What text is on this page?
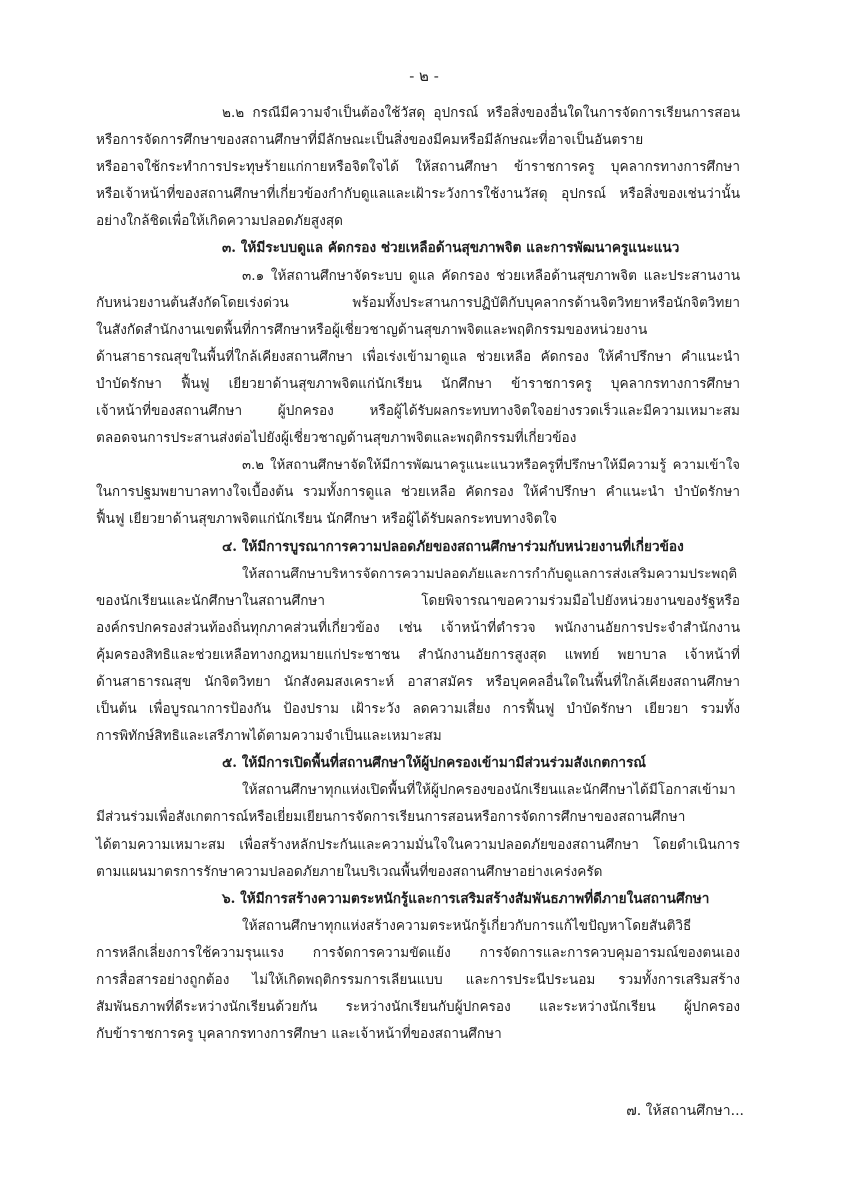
- ๒ -
๒.๒ กรณีมีความจำเป็นต้องใช้วัสดุ อุปกรณ์ หรือสิ่งของอื่นใดในการจัดการเรียนการสอน
หรือการจัดการศึกษาของสถานศึกษาที่มีลักษณะเป็นสิ่งของมีคมหรือมีลักษณะที่อาจเป็นอันตราย
หรืออาจใช้กระทำการประทุษร้ายแก่กายหรือจิตใจได้ ให้สถานศึกษา ข้าราชการครู บุคลากรทางการศึกษา
หรือเจ้าหน้าที่ของสถานศึกษาที่เกี่ยวข้องกำกับดูแลและเฝ้าระวังการใช้งานวัสดุ อุปกรณ์ หรือสิ่งของเช่นว่านั้น
อย่างใกล้ชิดเพื่อให้เกิดความปลอดภัยสูงสุด
๓. ให้มีระบบดูแล คัดกรอง ช่วยเหลือด้านสุขภาพจิต และการพัฒนาครูแนะแนว
๓.๑ ให้สถานศึกษาจัดระบบ ดูแล คัดกรอง ช่วยเหลือด้านสุขภาพจิต และประสานงาน
กับหน่วยงานต้นสังกัดโดยเร่งด่วน พร้อมทั้งประสานการปฏิบัติกับบุคลากรด้านจิตวิทยาหรือนักจิตวิทยา
ในสังกัดสำนักงานเขตพื้นที่การศึกษาหรือผู้เชี่ยวชาญด้านสุขภาพจิตและพฤติกรรมของหน่วยงาน
ด้านสาธารณสุขในพื้นที่ใกล้เคียงสถานศึกษา เพื่อเร่งเข้ามาดูแล ช่วยเหลือ คัดกรอง ให้คำปรึกษา คำแนะนำ
บำบัดรักษา ฟื้นฟู เยียวยาด้านสุขภาพจิตแก่นักเรียน นักศึกษา ข้าราชการครู บุคลากรทางการศึกษา
เจ้าหน้าที่ของสถานศึกษา ผู้ปกครอง หรือผู้ได้รับผลกระทบทางจิตใจอย่างรวดเร็วและมีความเหมาะสม
ตลอดจนการประสานส่งต่อไปยังผู้เชี่ยวชาญด้านสุขภาพจิตและพฤติกรรมที่เกี่ยวข้อง
๓.๒ ให้สถานศึกษาจัดให้มีการพัฒนาครูแนะแนวหรือครูที่ปรึกษาให้มีความรู้ ความเข้าใจ
ในการปฐมพยาบาลทางใจเบื้องต้น รวมทั้งการดูแล ช่วยเหลือ คัดกรอง ให้คำปรึกษา คำแนะนำ บำบัดรักษา
ฟื้นฟู เยียวยาด้านสุขภาพจิตแก่นักเรียน นักศึกษา หรือผู้ได้รับผลกระทบทางจิตใจ
๔. ให้มีการบูรณาการความปลอดภัยของสถานศึกษาร่วมกับหน่วยงานที่เกี่ยวข้อง
ให้สถานศึกษาบริหารจัดการความปลอดภัยและการกำกับดูแลการส่งเสริมความประพฤติ
ของนักเรียนและนักศึกษาในสถานศึกษา โดยพิจารณาขอความร่วมมือไปยังหน่วยงานของรัฐหรือ
องค์กรปกครองส่วนท้องถิ่นทุกภาคส่วนที่เกี่ยวข้อง เช่น เจ้าหน้าที่ตำรวจ พนักงานอัยการประจำสำนักงาน
คุ้มครองสิทธิและช่วยเหลือทางกฎหมายแก่ประชาชน สำนักงานอัยการสูงสุด แพทย์ พยาบาล เจ้าหน้าที่
ด้านสาธารณสุข นักจิตวิทยา นักสังคมสงเคราะห์ อาสาสมัคร หรือบุคคลอื่นใดในพื้นที่ใกล้เคียงสถานศึกษา
เป็นต้น เพื่อบูรณาการป้องกัน ป้องปราม เฝ้าระวัง ลดความเสี่ยง การฟื้นฟู บำบัดรักษา เยียวยา รวมทั้ง
การพิทักษ์สิทธิและเสรีภาพได้ตามความจำเป็นและเหมาะสม
๕. ให้มีการเปิดพื้นที่สถานศึกษาให้ผู้ปกครองเข้ามามีส่วนร่วมสังเกตการณ์
ให้สถานศึกษาทุกแห่งเปิดพื้นที่ให้ผู้ปกครองของนักเรียนและนักศึกษาได้มีโอกาสเข้ามา
มีส่วนร่วมเพื่อสังเกตการณ์หรือเยี่ยมเยียนการจัดการเรียนการสอนหรือการจัดการศึกษาของสถานศึกษา
ได้ตามความเหมาะสม เพื่อสร้างหลักประกันและความมั่นใจในความปลอดภัยของสถานศึกษา โดยดำเนินการ
ตามแผนมาตรการรักษาความปลอดภัยภายในบริเวณพื้นที่ของสถานศึกษาอย่างเคร่งครัด
๖. ให้มีการสร้างความตระหนักรู้และการเสริมสร้างสัมพันธภาพที่ดีภายในสถานศึกษา
ให้สถานศึกษาทุกแห่งสร้างความตระหนักรู้เกี่ยวกับการแก้ไขปัญหาโดยสันติวิธี
การหลีกเลี่ยงการใช้ความรุนแรง การจัดการความขัดแย้ง การจัดการและการควบคุมอารมณ์ของตนเอง
การสื่อสารอย่างถูกต้อง ไม่ให้เกิดพฤติกรรมการเลียนแบบ และการประนีประนอม รวมทั้งการเสริมสร้าง
สัมพันธภาพที่ดีระหว่างนักเรียนด้วยกัน ระหว่างนักเรียนกับผู้ปกครอง และระหว่างนักเรียน ผู้ปกครอง
กับข้าราชการครู บุคลากรทางการศึกษา และเจ้าหน้าที่ของสถานศึกษา
๗. ให้สถานศึกษา...
